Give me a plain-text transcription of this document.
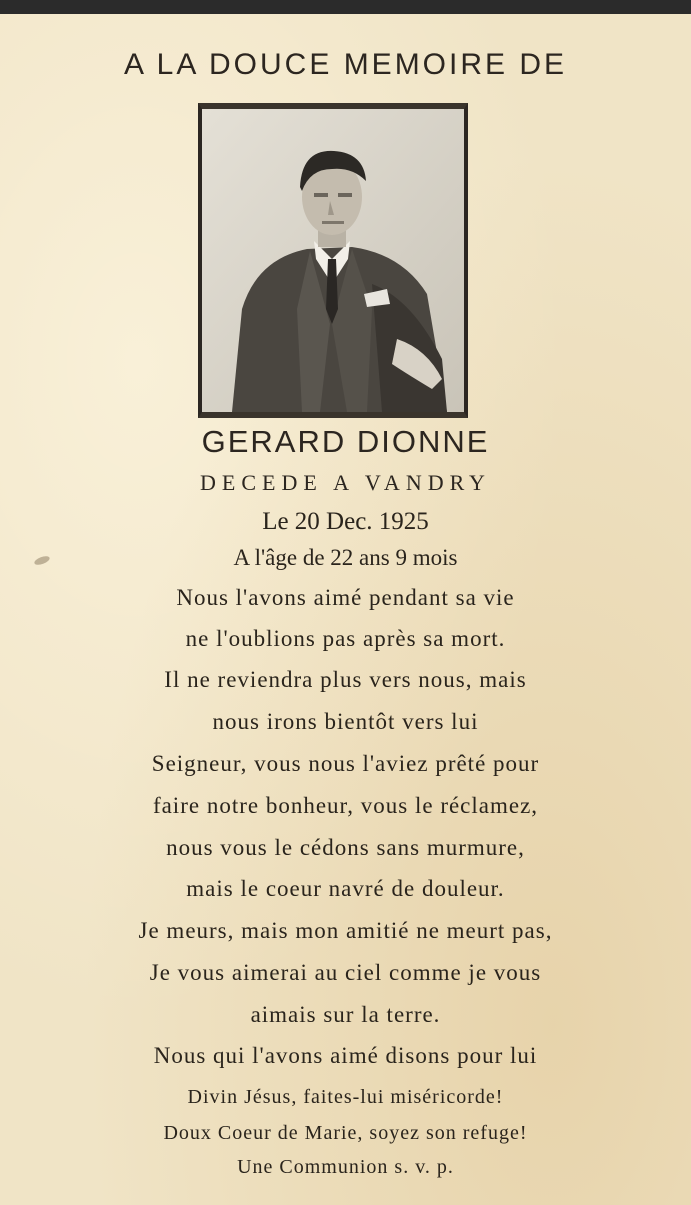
A LA DOUCE MEMOIRE DE
GERARD DIONNE
DECEDE A VANDRY
Le 20 Dec. 1925
A l'âge de 22 ans 9 mois
Nous l'avons aimé pendant sa vie
ne l'oublions pas après sa mort.
Il ne reviendra plus vers nous, mais
nous irons bientôt vers lui
Seigneur, vous nous l'aviez prêté pour
faire notre bonheur, vous le réclamez,
nous vous le cédons sans murmure,
mais le coeur navré de douleur.
Je meurs, mais mon amitié ne meurt pas,
Je vous aimerai au ciel comme je vous
aimais sur la terre.
Nous qui l'avons aimé disons pour lui
Divin Jésus, faites-lui miséricorde!
Doux Coeur de Marie, soyez son refuge!
Une Communion s. v. p.
